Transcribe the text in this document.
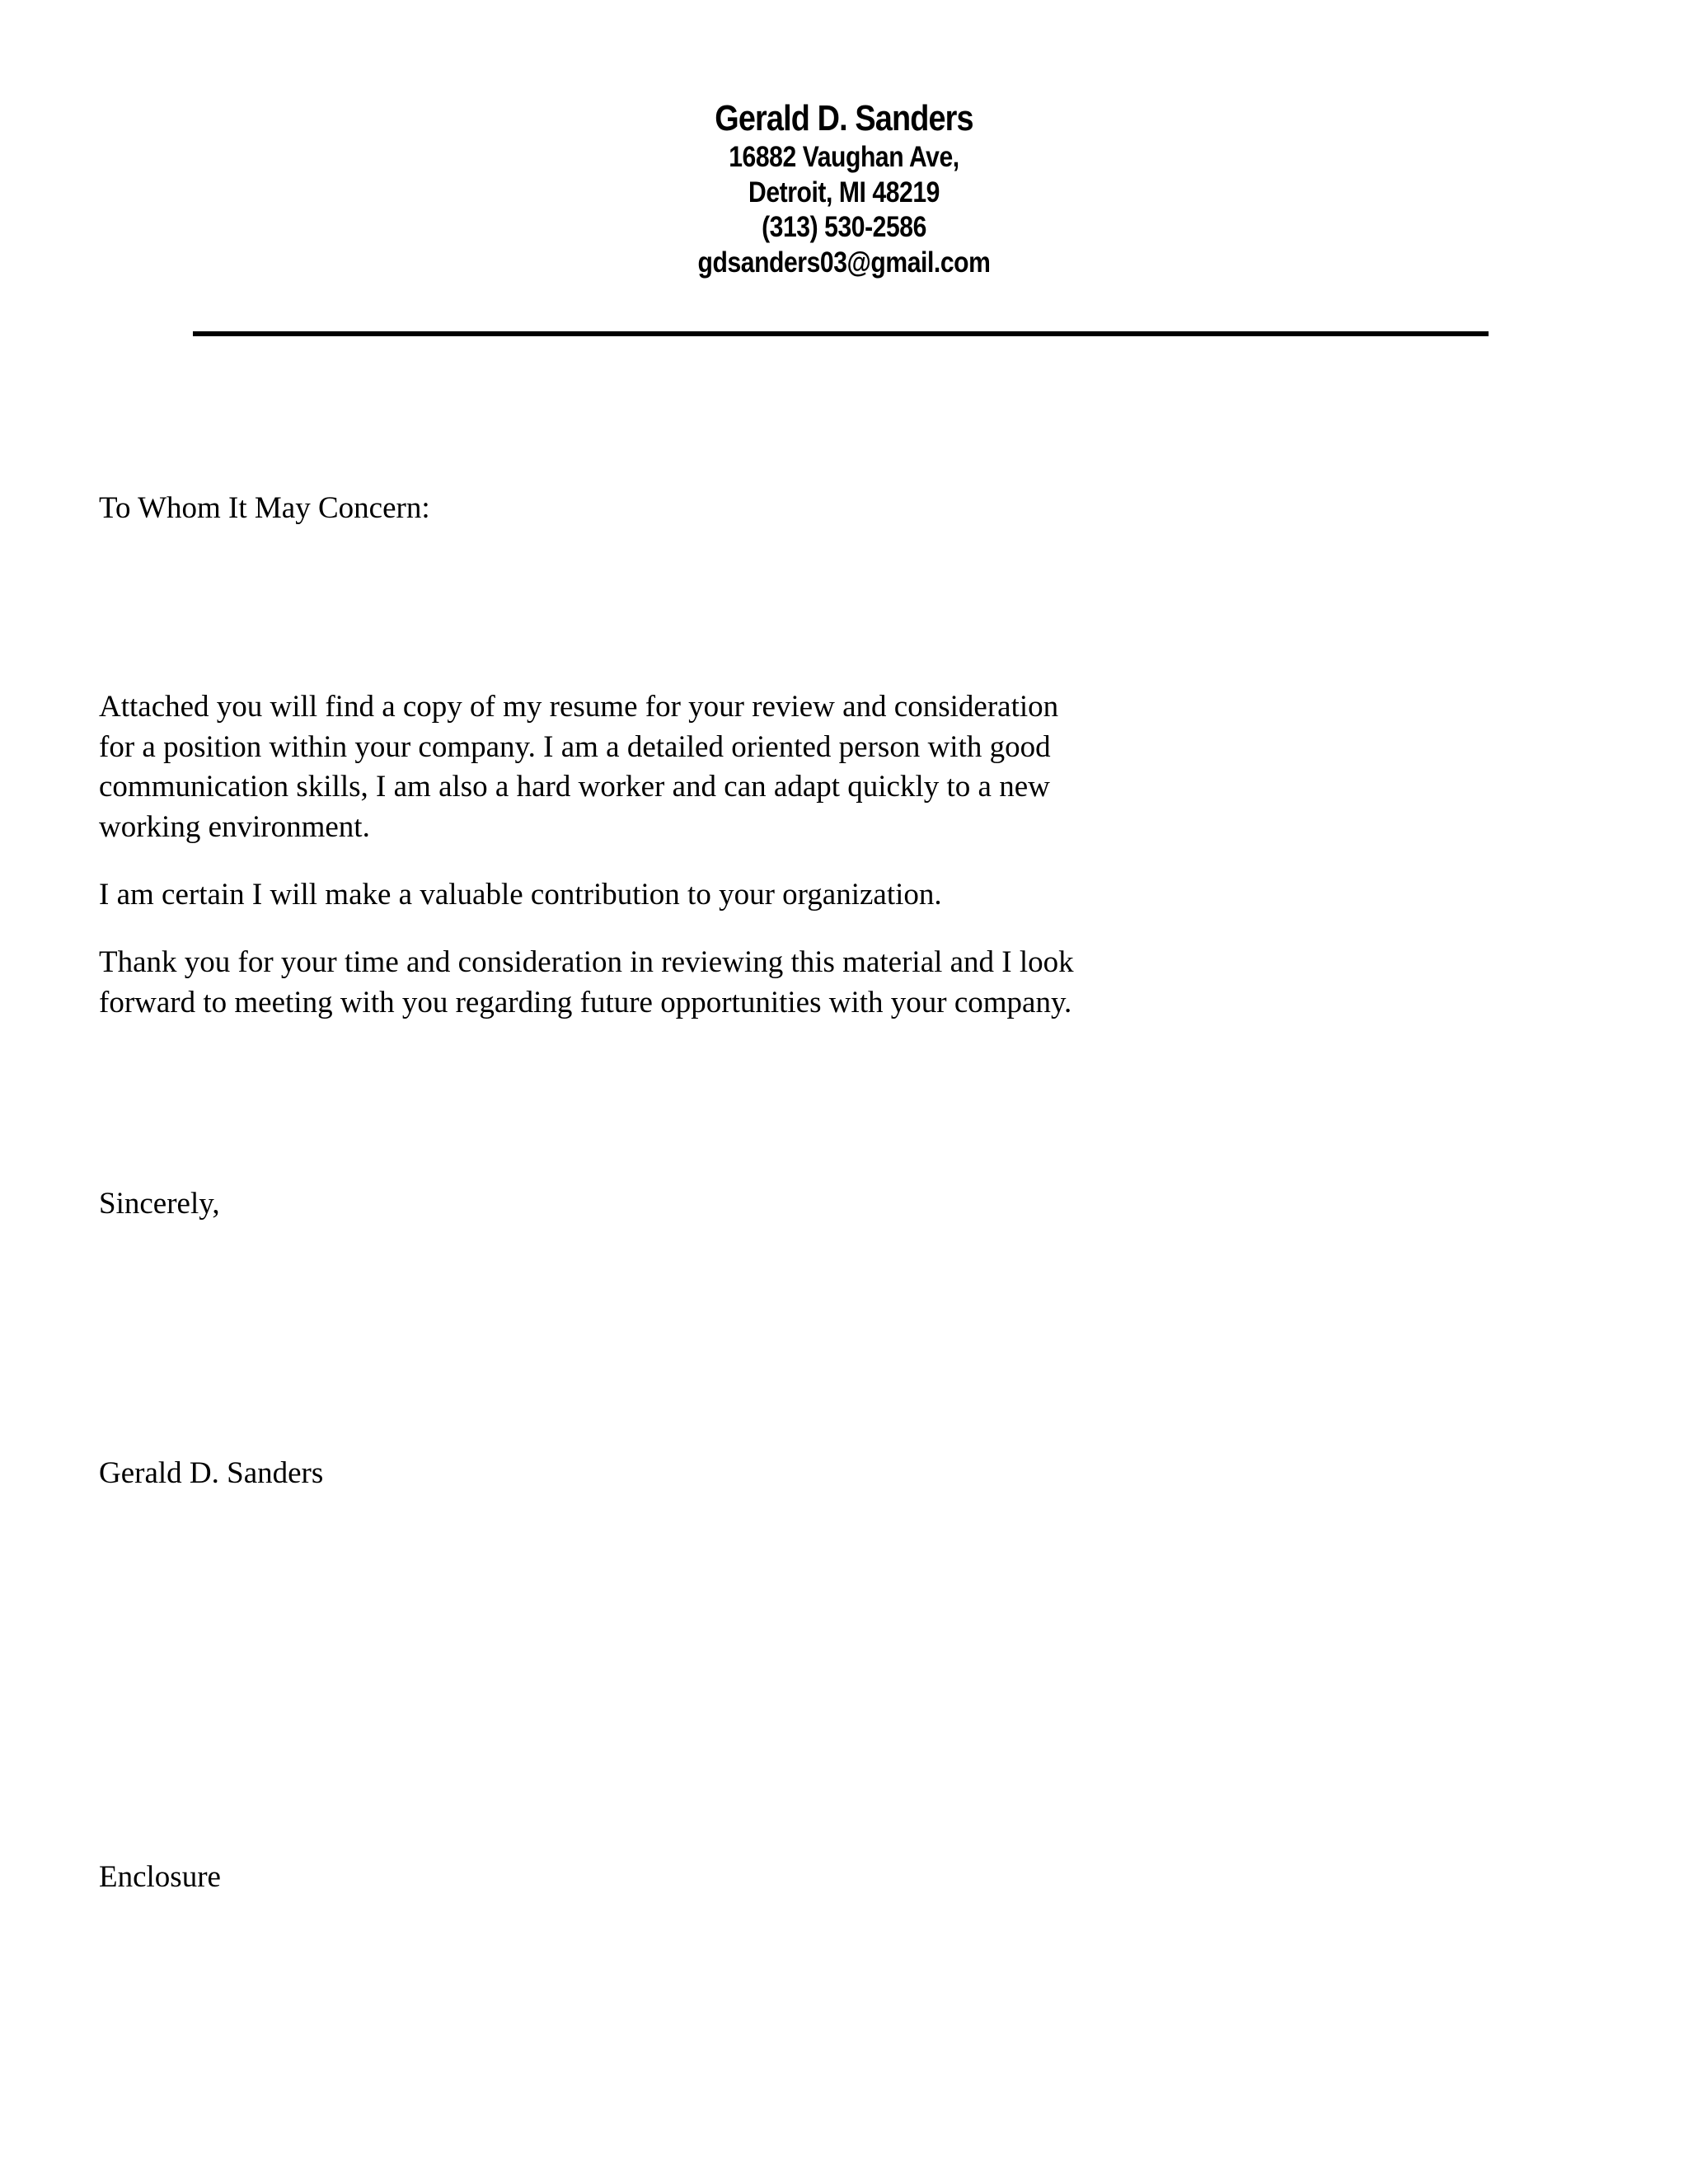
Gerald D. Sanders
16882 Vaughan Ave,
Detroit, MI 48219
(313) 530-2586
gdsanders03@gmail.com
To Whom It May Concern:
Attached you will find a copy of my resume for your review and consideration
for a position within your company. I am a detailed oriented person with good
communication skills, I am also a hard worker and can adapt quickly to a new
working environment.
I am certain I will make a valuable contribution to your organization.
Thank you for your time and consideration in reviewing this material and I look
forward to meeting with you regarding future opportunities with your company.
Sincerely,
Gerald D. Sanders
Enclosure
